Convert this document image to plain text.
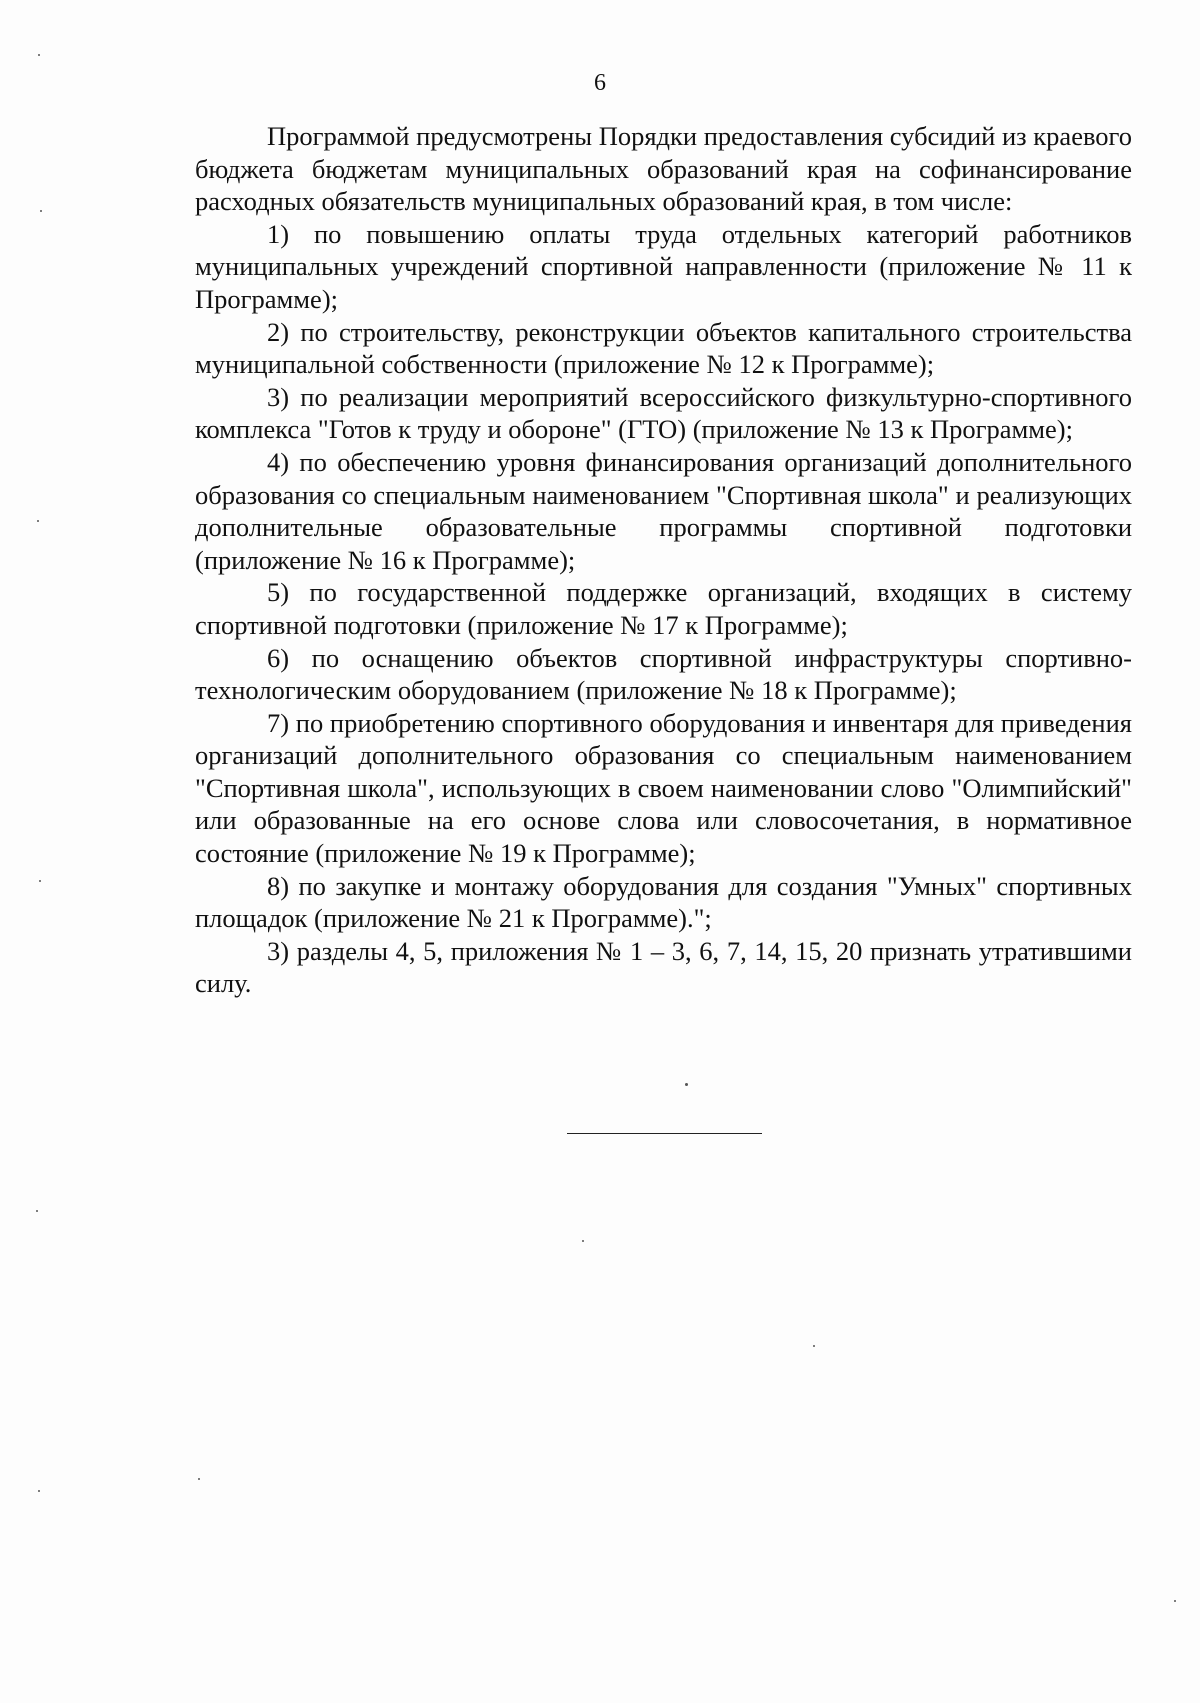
6

Программой предусмотрены Порядки предоставления субсидий из краевого бюджета бюджетам муниципальных образований края на софинансирование расходных обязательств муниципальных образований края, в том числе:

1) по повышению оплаты труда отдельных категорий работников муниципальных учреждений спортивной направленности (приложение № 11 к Программе);

2) по строительству, реконструкции объектов капитального строительства муниципальной собственности (приложение № 12 к Программе);

3) по реализации мероприятий всероссийского физкультурно-спортивного комплекса "Готов к труду и обороне" (ГТО) (приложение № 13 к Программе);

4) по обеспечению уровня финансирования организаций дополнительного образования со специальным наименованием "Спортивная школа" и реализующих дополнительные образовательные программы спортивной подготовки (приложение № 16 к Программе);

5) по государственной поддержке организаций, входящих в систему спортивной подготовки (приложение № 17 к Программе);

6) по оснащению объектов спортивной инфраструктуры спортивно-технологическим оборудованием (приложение № 18 к Программе);

7) по приобретению спортивного оборудования и инвентаря для приведения организаций дополнительного образования со специальным наименованием "Спортивная школа", использующих в своем наименовании слово "Олимпийский" или образованные на его основе слова или словосочетания, в нормативное состояние (приложение № 19 к Программе);

8) по закупке и монтажу оборудования для создания "Умных" спортивных площадок (приложение № 21 к Программе).";

3) разделы 4, 5, приложения № 1 – 3, 6, 7, 14, 15, 20 признать утратившими силу.
